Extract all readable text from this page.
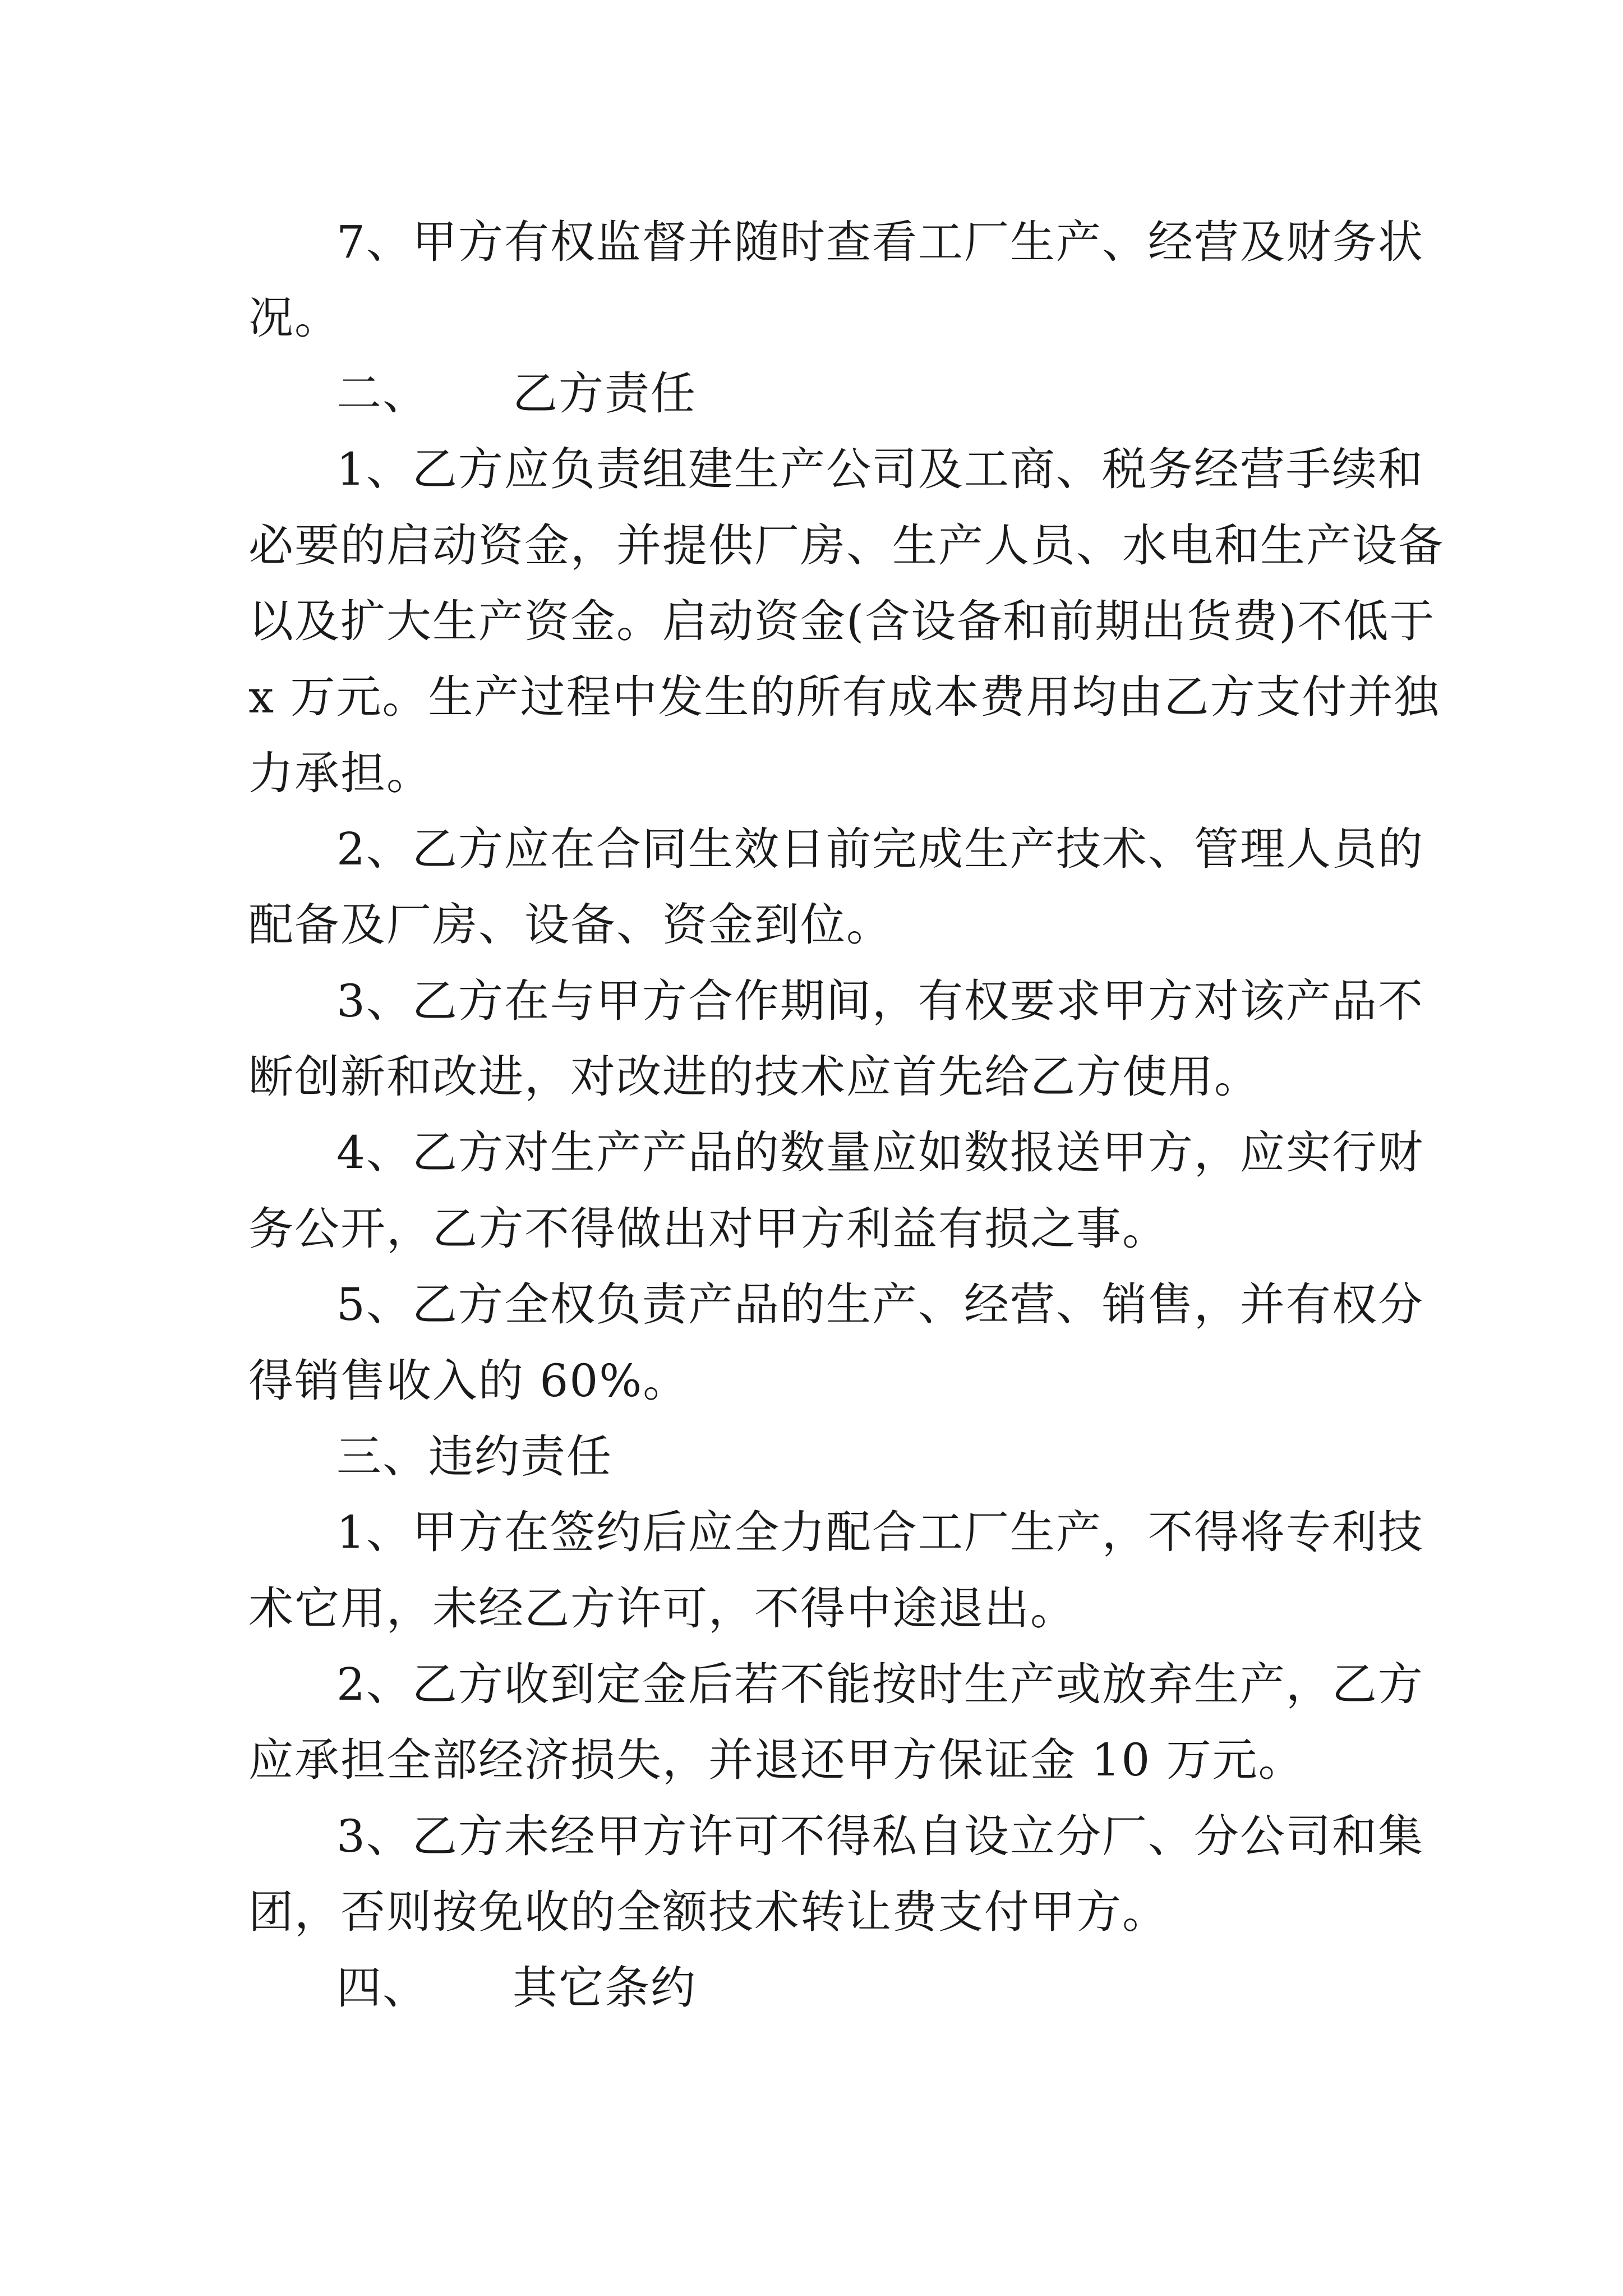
7、甲方有权监督并随时查看工厂生产、经营及财务状
况。
二、 乙方责任
1、乙方应负责组建生产公司及工商、税务经营手续和
必要的启动资金，并提供厂房、生产人员、水电和生产设备
以及扩大生产资金。启动资金(含设备和前期出货费)不低于
x 万元。生产过程中发生的所有成本费用均由乙方支付并独
力承担。
2、乙方应在合同生效日前完成生产技术、管理人员的
配备及厂房、设备、资金到位。
3、乙方在与甲方合作期间，有权要求甲方对该产品不
断创新和改进，对改进的技术应首先给乙方使用。
4、乙方对生产产品的数量应如数报送甲方，应实行财
务公开，乙方不得做出对甲方利益有损之事。
5、乙方全权负责产品的生产、经营、销售，并有权分
得销售收入的 60%。
三、违约责任
1、甲方在签约后应全力配合工厂生产，不得将专利技
术它用，未经乙方许可，不得中途退出。
2、乙方收到定金后若不能按时生产或放弃生产，乙方
应承担全部经济损失，并退还甲方保证金 10 万元。
3、乙方未经甲方许可不得私自设立分厂、分公司和集
团，否则按免收的全额技术转让费支付甲方。
四、 其它条约
